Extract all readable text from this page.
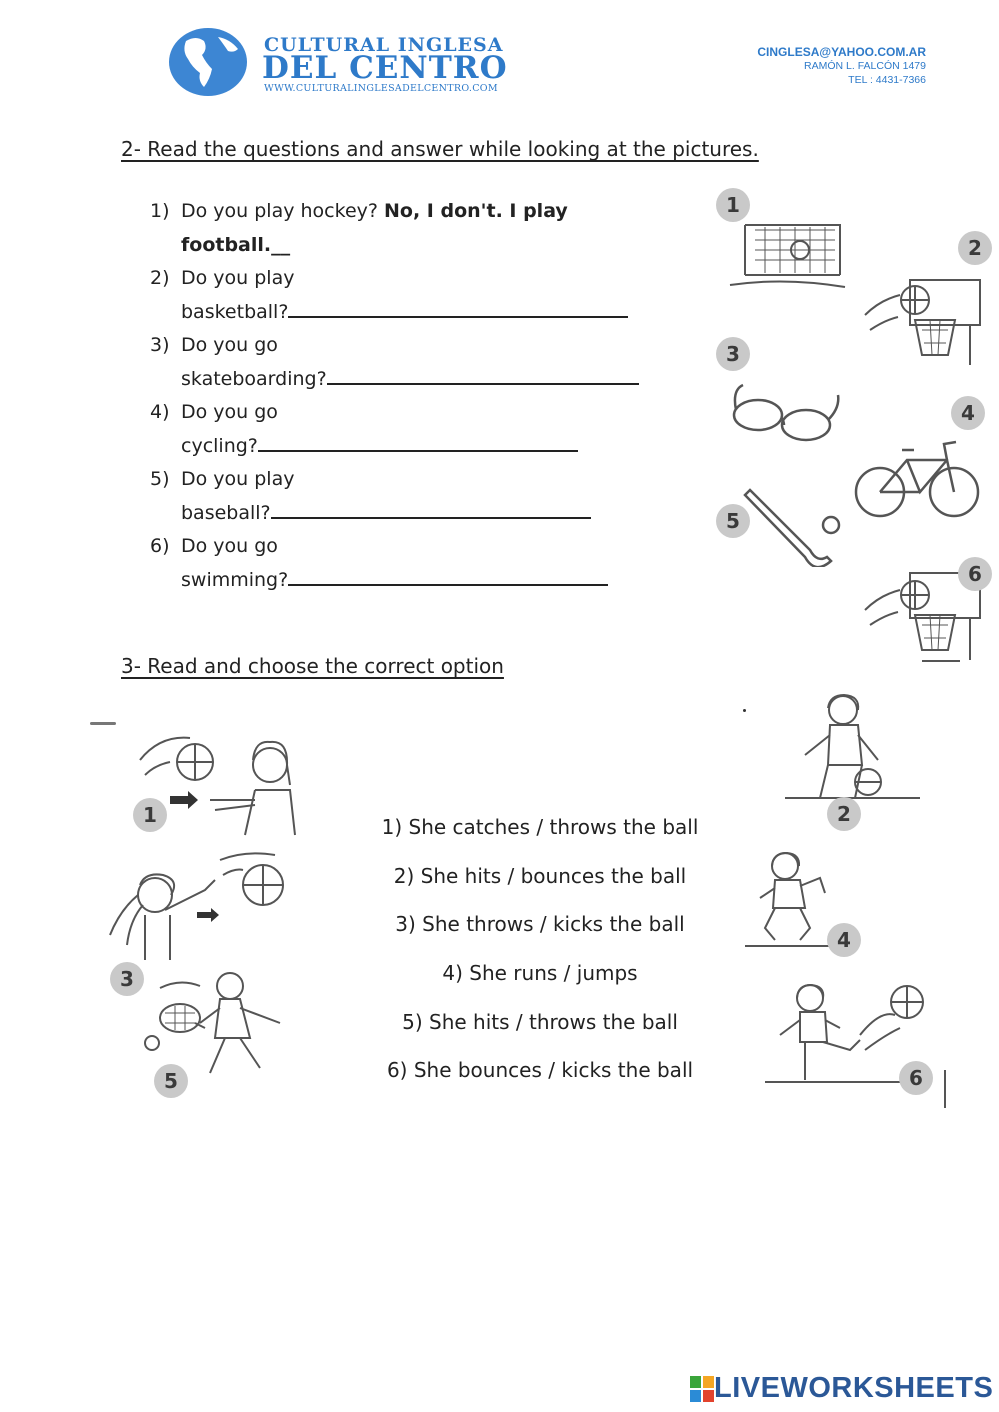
CULTURAL INGLESA
DEL CENTRO
WWW.CULTURALINGLESADELCENTRO.COM
CINGLESA@YAHOO.COM.AR
RAMÓN L. FALCÓN 1479
TEL : 4431-7366
2- Read the questions and answer while looking at the pictures.
1) Do you play hockey? No, I don't. I play
football.__
2) Do you play
basketball?
3) Do you go
skateboarding?
4) Do you go
cycling?
5) Do you play
baseball?
6) Do you go
swimming?
1
2
3
4
5
6
3- Read and choose the correct option
1) She catches / throws the ball
2) She hits / bounces the ball
3) She throws / kicks the ball
4) She runs / jumps
5) She hits / throws the ball
6) She bounces / kicks the ball
1	2
3
4
5	6
LIVEWORKSHEETS
